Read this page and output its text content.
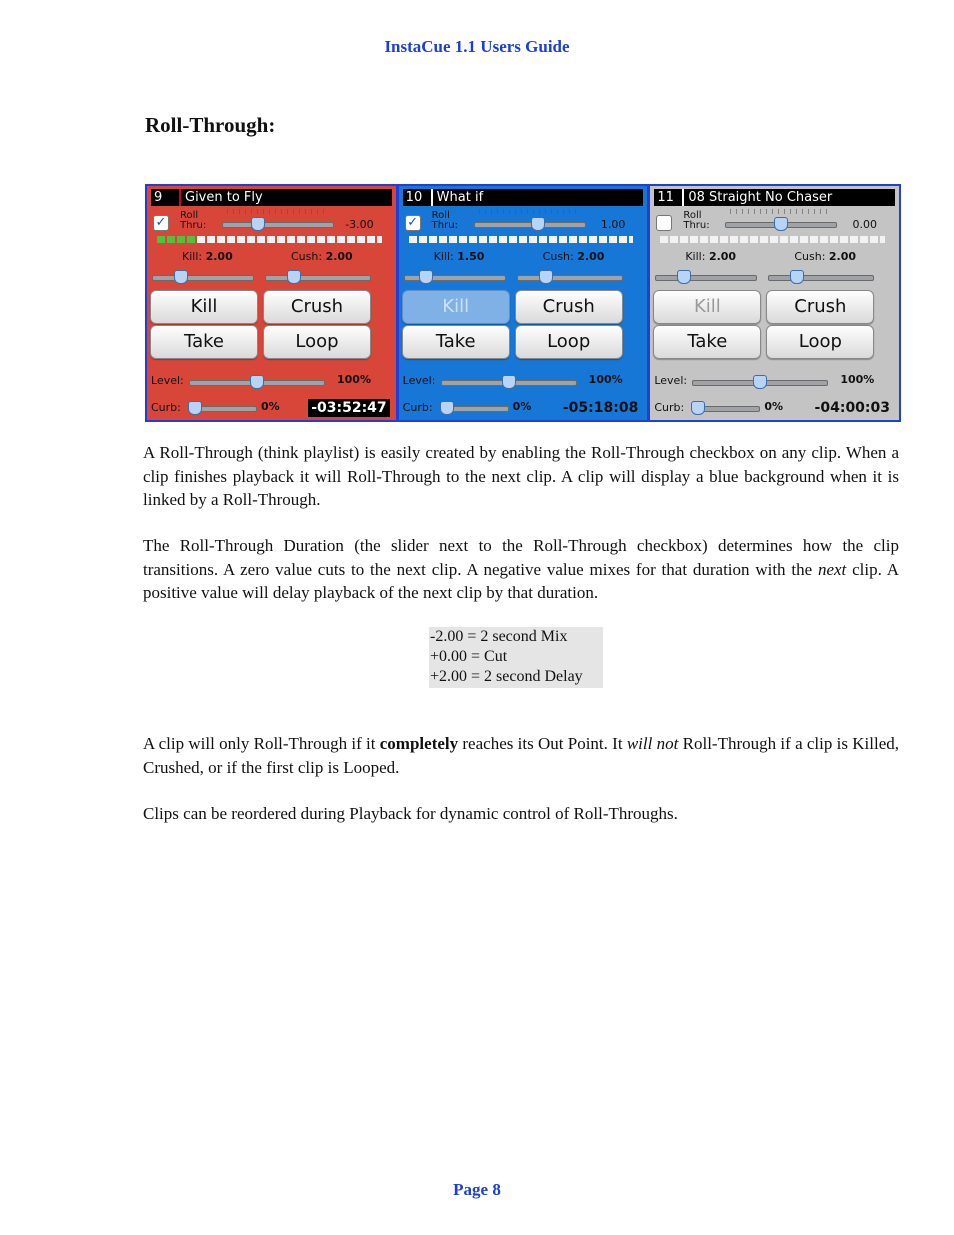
InstaCue 1.1 Users Guide
Roll-Through:
9	Given to Fly
✓ Roll
Thru:	-3.00
Kill: 2.00	Cush: 2.00
Kill	Crush
Take	Loop
Level:	100%
Curb:	0% -03:52:47
10	What if
✓ Roll
Thru:	1.00
Kill: 1.50	Cush: 2.00
Kill	Crush
Take	Loop
Level:	100%
Curb:	0% -05:18:08
11	08 Straight No Chaser
Roll
Thru:	0.00
Kill: 2.00	Cush: 2.00
Kill	Crush
Take	Loop
Level:	100%
Curb:	0% -04:00:03
A Roll-Through (think playlist) is easily created by enabling the Roll-Through checkbox on any clip. When a clip finishes playback it will Roll-Through to the next clip. A clip will display a blue background when it is linked by a Roll-Through.
The Roll-Through Duration (the slider next to the Roll-Through checkbox) determines how the clip transitions. A zero value cuts to the next clip. A negative value mixes for that duration with the next clip. A positive value will delay playback of the next clip by that duration.
-2.00 = 2 second Mix
+0.00 = Cut
+2.00 = 2 second Delay
A clip will only Roll-Through if it completely reaches its Out Point. It will not Roll-Through if a clip is Killed, Crushed, or if the first clip is Looped.
Clips can be reordered during Playback for dynamic control of Roll-Throughs.
Page 8
